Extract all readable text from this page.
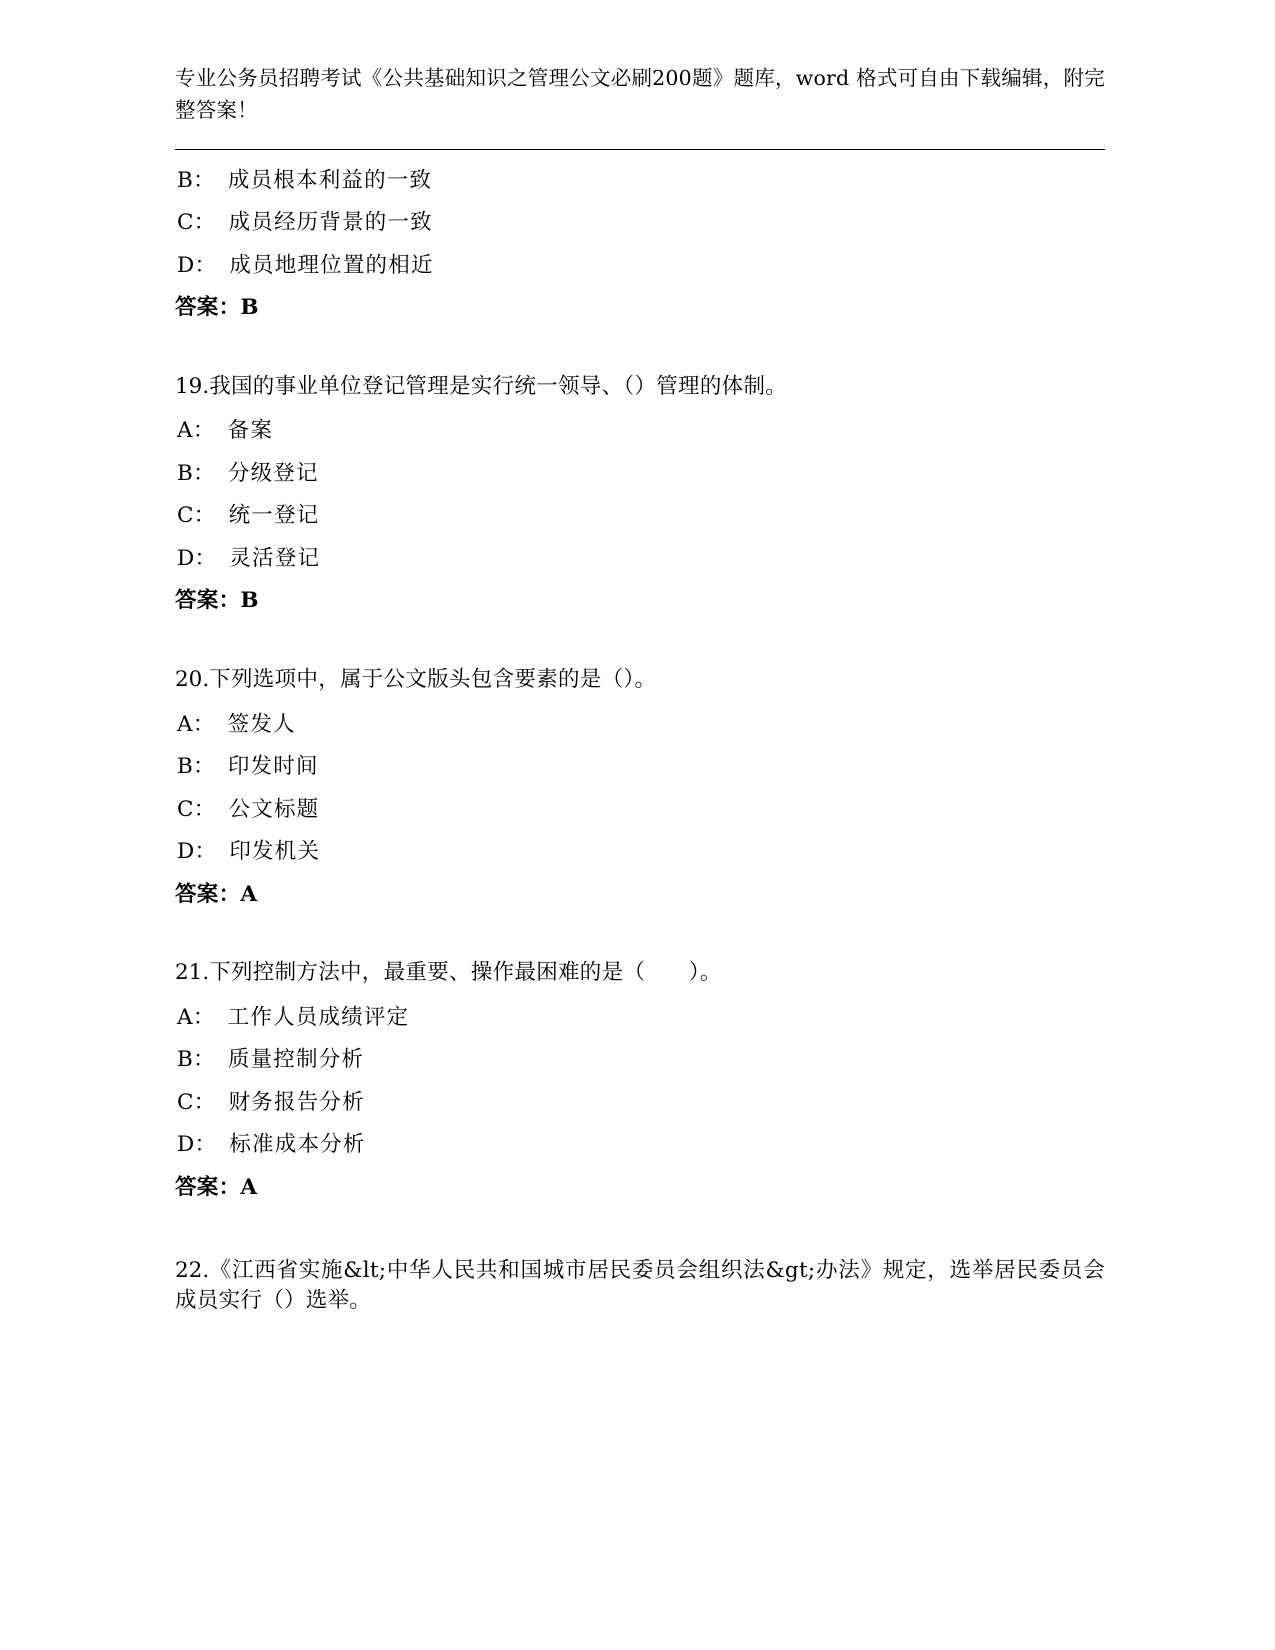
专业公务员招聘考试《公共基础知识之管理公文必刷200题》题库，word 格式可自由下载编辑，附完整答案！

B： 成员根本利益的一致

C： 成员经历背景的一致

D： 成员地理位置的相近

答案：B

19.我国的事业单位登记管理是实行统一领导、（）管理的体制。

A： 备案

B： 分级登记

C： 统一登记

D： 灵活登记

答案：B

20.下列选项中，属于公文版头包含要素的是（）。

A： 签发人

B： 印发时间

C： 公文标题

D： 印发机关

答案：A

21.下列控制方法中，最重要、操作最困难的是（　　）。

A： 工作人员成绩评定

B： 质量控制分析

C： 财务报告分析

D： 标准成本分析

答案：A

22.《江西省实施&lt;中华人民共和国城市居民委员会组织法&gt;办法》规定，选举居民委员会成员实行（）选举。
